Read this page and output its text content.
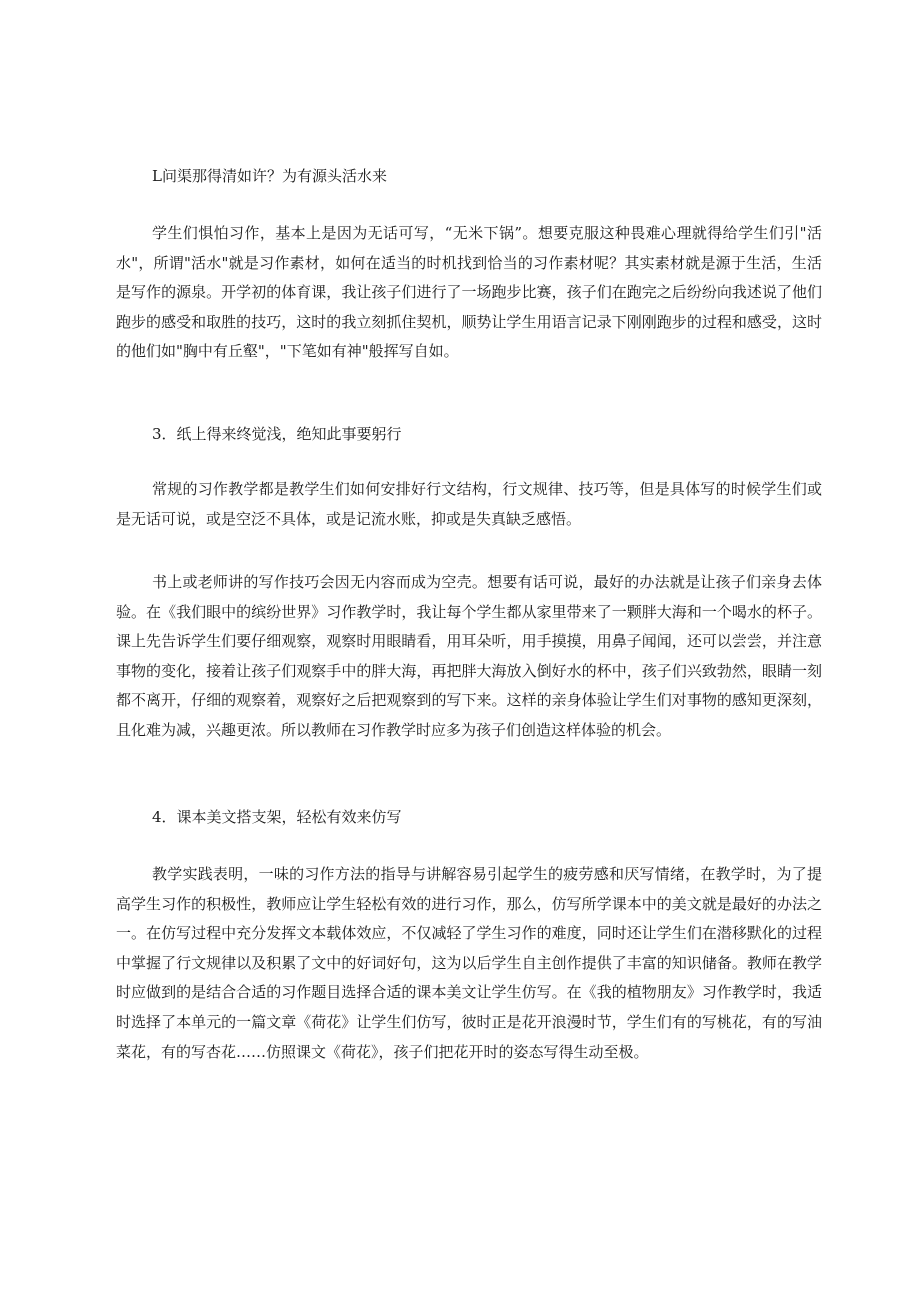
L问渠那得清如许？为有源头活水来

学生们惧怕习作，基本上是因为无话可写，“无米下锅”。想要克服这种畏难心理就得给学生们引"活水"，所谓"活水"就是习作素材，如何在适当的时机找到恰当的习作素材呢？其实素材就是源于生活，生活是写作的源泉。开学初的体育课，我让孩子们进行了一场跑步比赛，孩子们在跑完之后纷纷向我述说了他们跑步的感受和取胜的技巧，这时的我立刻抓住契机，顺势让学生用语言记录下刚刚跑步的过程和感受，这时的他们如"胸中有丘壑"，"下笔如有神"般挥写自如。

3．纸上得来终觉浅，绝知此事要躬行

常规的习作教学都是教学生们如何安排好行文结构，行文规律、技巧等，但是具体写的时候学生们或是无话可说，或是空泛不具体，或是记流水账，抑或是失真缺乏感悟。

书上或老师讲的写作技巧会因无内容而成为空壳。想要有话可说，最好的办法就是让孩子们亲身去体验。在《我们眼中的缤纷世界》习作教学时，我让每个学生都从家里带来了一颗胖大海和一个喝水的杯子。课上先告诉学生们要仔细观察，观察时用眼睛看，用耳朵听，用手摸摸，用鼻子闻闻，还可以尝尝，并注意事物的变化，接着让孩子们观察手中的胖大海，再把胖大海放入倒好水的杯中，孩子们兴致勃然，眼睛一刻都不离开，仔细的观察着，观察好之后把观察到的写下来。这样的亲身体验让学生们对事物的感知更深刻，且化难为减，兴趣更浓。所以教师在习作教学时应多为孩子们创造这样体验的机会。

4．课本美文搭支架，轻松有效来仿写

教学实践表明，一味的习作方法的指导与讲解容易引起学生的疲劳感和厌写情绪，在教学时，为了提高学生习作的积极性，教师应让学生轻松有效的进行习作，那么，仿写所学课本中的美文就是最好的办法之一。在仿写过程中充分发挥文本载体效应，不仅减轻了学生习作的难度，同时还让学生们在潜移默化的过程中掌握了行文规律以及积累了文中的好词好句，这为以后学生自主创作提供了丰富的知识储备。教师在教学时应做到的是结合合适的习作题目选择合适的课本美文让学生仿写。在《我的植物朋友》习作教学时，我适时选择了本单元的一篇文章《荷花》让学生们仿写，彼时正是花开浪漫时节，学生们有的写桃花，有的写油菜花，有的写杏花……仿照课文《荷花》，孩子们把花开时的姿态写得生动至极。
